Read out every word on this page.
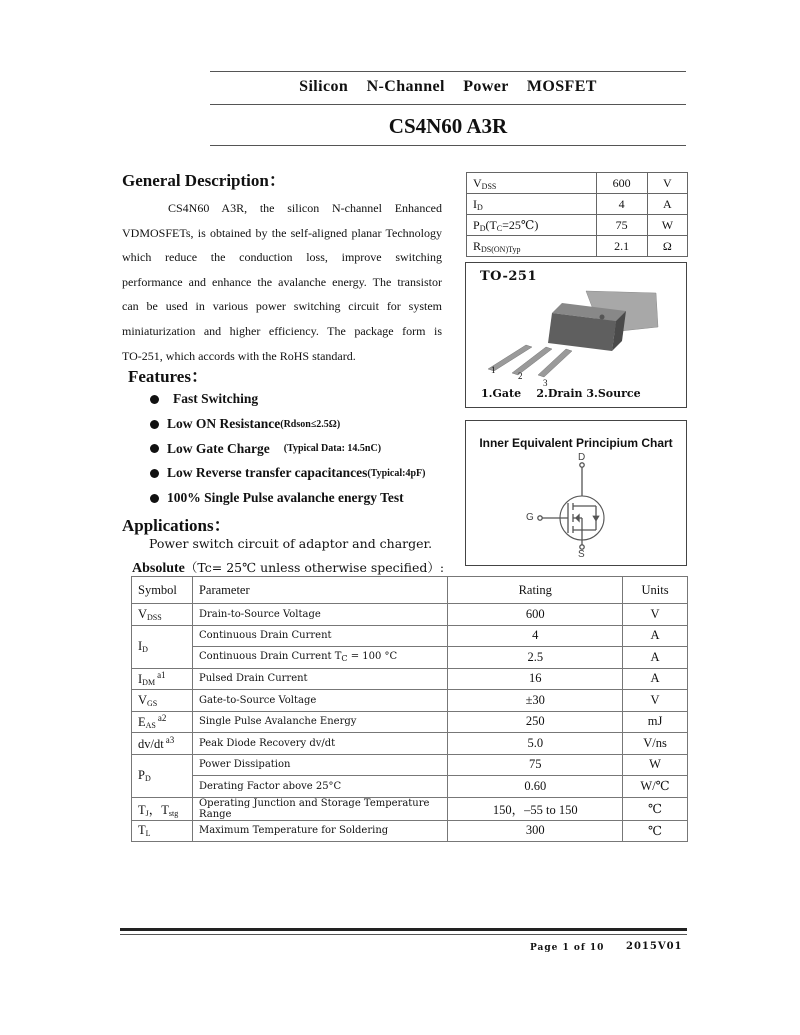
Silicon N-Channel Power MOSFET
CS4N60 A3R
General Description：
CS4N60 A3R, the silicon N-channel Enhanced
VDMOSFETs, is obtained by the self-aligned planar Technology
which reduce the conduction loss, improve switching
performance and enhance the avalanche energy. The transistor
can be used in various power switching circuit for system
miniaturization and higher efficiency. The package form is
TO-251, which accords with the RoHS standard.
$V_{DSS}$	600	V
$I_D$	4	A
$P_D(T_C=25℃)$	75	W
$R_{DS(ON)Typ}$	2.1	Ω
TO-251
1
2
3
1.Gate    2.Drain 3.Source
Inner Equivalent Principium Chart
D
G
S
Features：
Fast Switching
Low ON Resistance (Rdson≤2.5Ω)
Low Gate Charge (Typical Data: 14.5nC)
Low Reverse transfer capacitances (Typical:4pF)
100% Single Pulse avalanche energy Test
Applications：
Power switch circuit of adaptor and charger.
Absolute（Tc= 25℃ unless otherwise specified）:
Symbol	Parameter	Rating	Units
$V_{DSS}$	Drain-to-Source Voltage	600	V
$I_D$	Continuous Drain Current	4	A
	Continuous Drain Current $T_C = 100$ °C	2.5	A
$I_{DM}^{a1}$	Pulsed Drain Current	16	A
$V_{GS}$	Gate-to-Source Voltage	±30	V
$E_{AS}^{a2}$	Single Pulse Avalanche Energy	250	mJ
dv/dt $^{a3}$	Peak Diode Recovery dv/dt	5.0	V/ns
$P_D$	Power Dissipation	75	W
	Derating Factor above 25°C	0.60	W/℃
$T_J$，$T_{stg}$	Operating Junction and Storage Temperature Range	150，–55 to 150	℃
$T_L$	Maximum Temperature for Soldering	300	℃
Page 1 of 10 2015V01
